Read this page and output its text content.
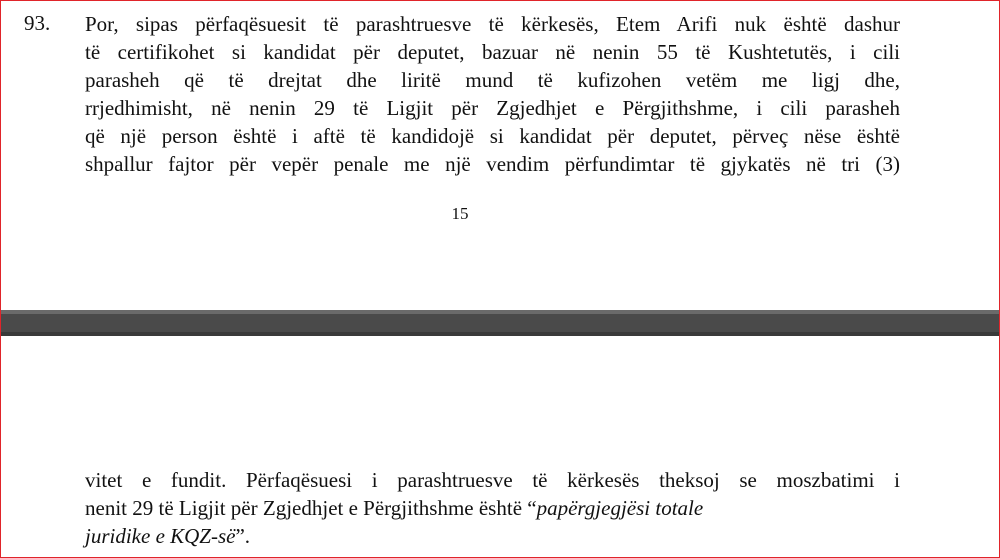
93. Por, sipas përfaqësuesit të parashtruesve të kërkesës, Etem Arifi nuk është dashur
të certifikohet si kandidat për deputet, bazuar në nenin 55 të Kushtetutës, i cili
parasheh që të drejtat dhe liritë mund të kufizohen vetëm me ligj dhe,
rrjedhimisht, në nenin 29 të Ligjit për Zgjedhjet e Përgjithshme, i cili parasheh
që një person është i aftë të kandidojë si kandidat për deputet, përveç nëse është
shpallur fajtor për vepër penale me një vendim përfundimtar të gjykatës në tri (3)
15
vitet e fundit. Përfaqësuesi i parashtruesve të kërkesës theksoj se moszbatimi i
nenit 29 të Ligjit për Zgjedhjet e Përgjithshme është “papërgjegjësi totale
juridike e KQZ-së”.
